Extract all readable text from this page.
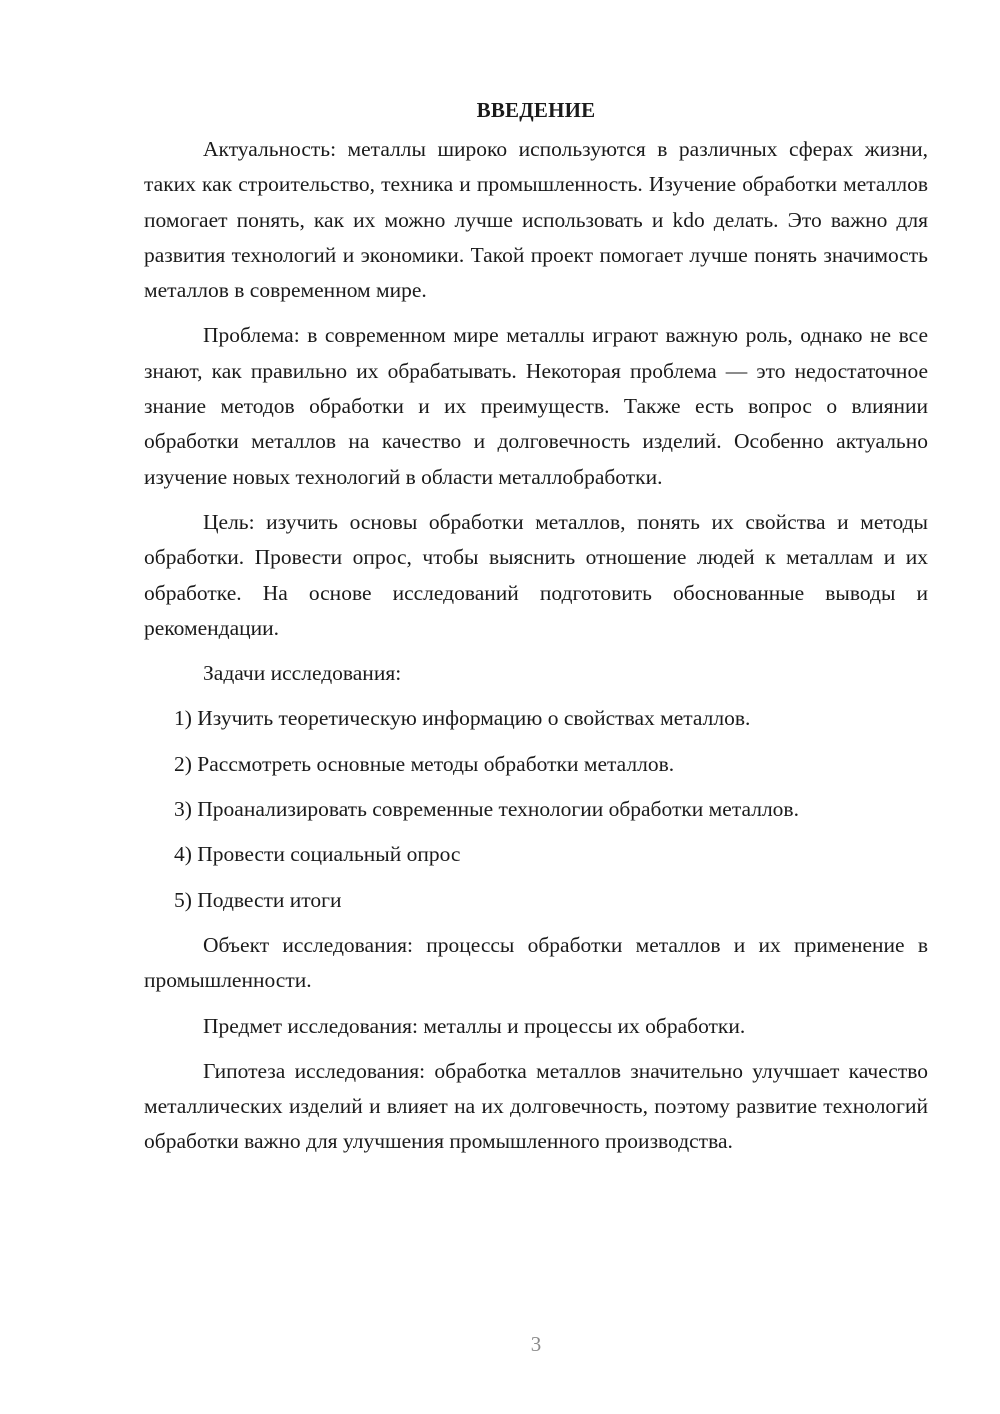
ВВЕДЕНИЕ

Актуальность: металлы широко используются в различных сферах жизни, таких как строительство, техника и промышленность. Изучение обработки металлов помогает понять, как их можно лучше использовать и kdo делать. Это важно для развития технологий и экономики. Такой проект помогает лучше понять значимость металлов в современном мире.

Проблема: в современном мире металлы играют важную роль, однако не все знают, как правильно их обрабатывать. Некоторая проблема — это недостаточное знание методов обработки и их преимуществ. Также есть вопрос о влиянии обработки металлов на качество и долговечность изделий. Особенно актуально изучение новых технологий в области металлобработки.

Цель: изучить основы обработки металлов, понять их свойства и методы обработки. Провести опрос, чтобы выяснить отношение людей к металлам и их обработке. На основе исследований подготовить обоснованные выводы и рекомендации.

Задачи исследования:

1) Изучить теоретическую информацию о свойствах металлов.
2) Рассмотреть основные методы обработки металлов.
3) Проанализировать современные технологии обработки металлов.
4) Провести социальный опрос
5) Подвести итоги

Объект исследования: процессы обработки металлов и их применение в промышленности.

Предмет исследования: металлы и процессы их обработки.

Гипотеза исследования: обработка металлов значительно улучшает качество металлических изделий и влияет на их долговечность, поэтому развитие технологий обработки важно для улучшения промышленного производства.

3
